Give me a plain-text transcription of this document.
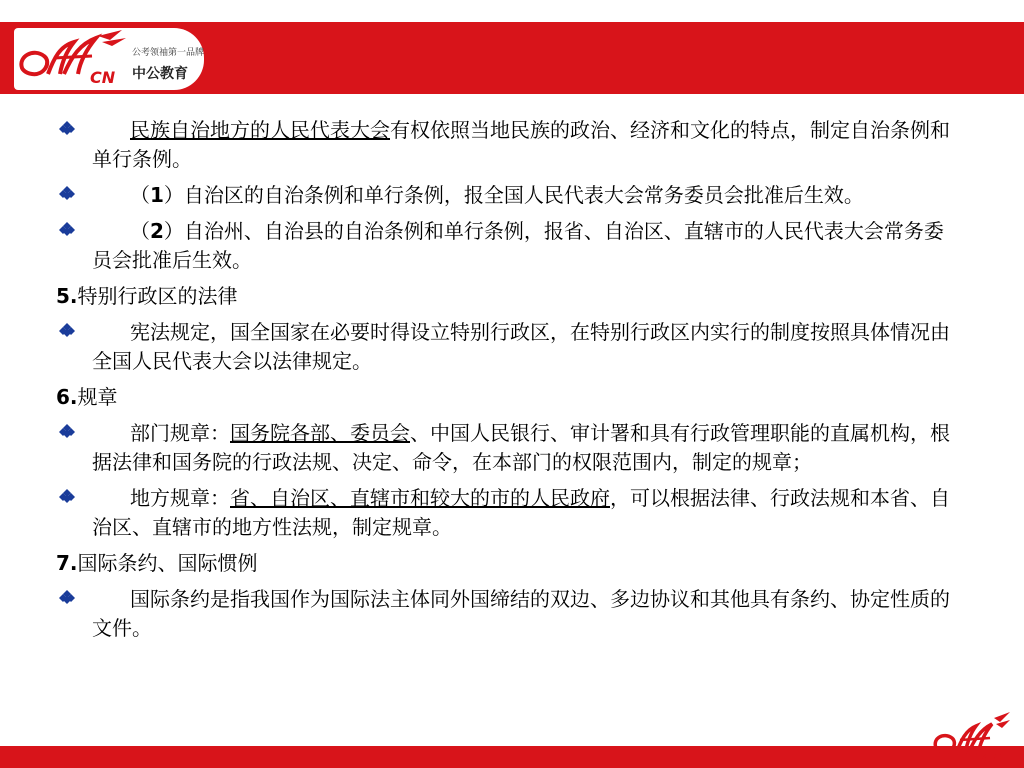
CN
公考领袖第一品牌
中公教育
民族自治地方的人民代表大会有权依照当地民族的政治、经济和文化的特点，制定自治条例和单行条例。
（1）自治区的自治条例和单行条例，报全国人民代表大会常务委员会批准后生效。
（2）自治州、自治县的自治条例和单行条例，报省、自治区、直辖市的人民代表大会常务委员会批准后生效。
5.特别行政区的法律
宪法规定，国全国家在必要时得设立特别行政区，在特别行政区内实行的制度按照具体情况由全国人民代表大会以法律规定。
6.规章
部门规章：国务院各部、委员会、中国人民银行、审计署和具有行政管理职能的直属机构，根据法律和国务院的行政法规、决定、命令，在本部门的权限范围内，制定的规章；
地方规章：省、自治区、直辖市和较大的市的人民政府，可以根据法律、行政法规和本省、自治区、直辖市的地方性法规，制定规章。
7.国际条约、国际惯例
国际条约是指我国作为国际法主体同外国缔结的双边、多边协议和其他具有条约、协定性质的文件。
CN
